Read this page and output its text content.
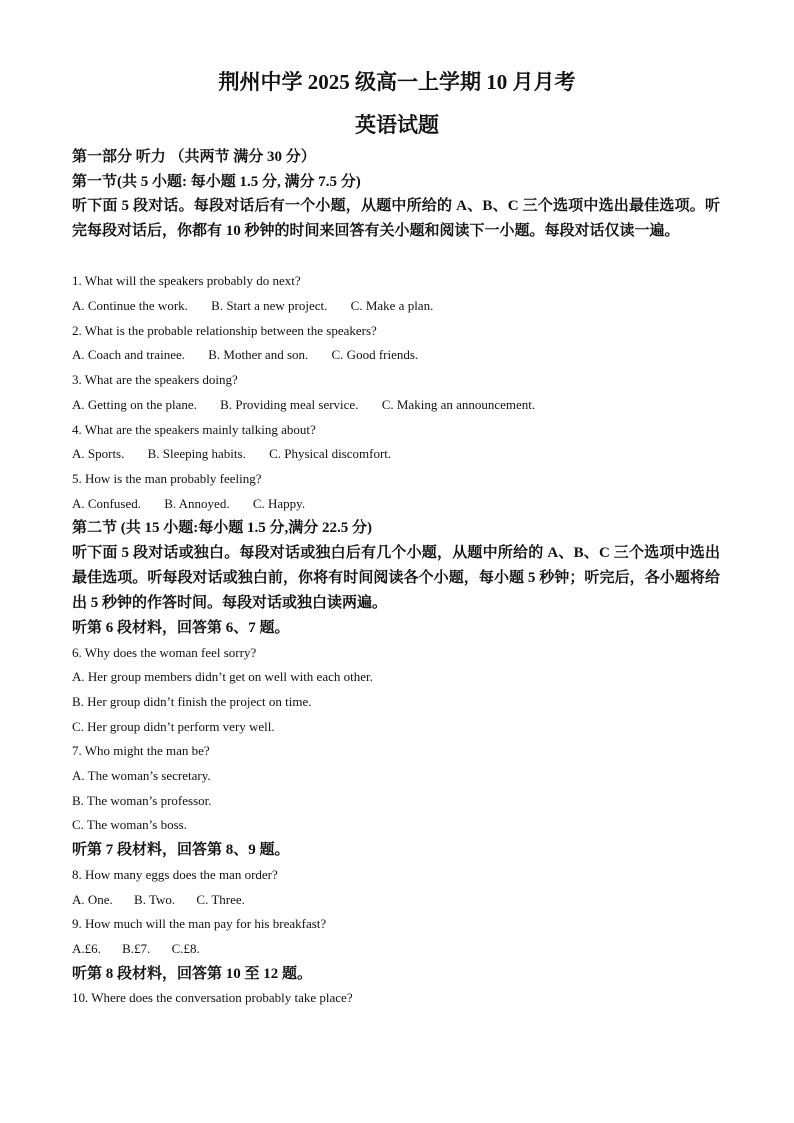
荆州中学 2025 级高一上学期 10 月月考
英语试题
第一部分 听力 （共两节 满分 30 分）
第一节(共 5 小题: 每小题 1.5 分, 满分 7.5 分)
听下面 5 段对话。每段对话后有一个小题，从题中所给的 A、B、C 三个选项中选出最佳选项。听完每段对话后，你都有 10 秒钟的时间来回答有关小题和阅读下一小题。每段对话仅读一遍。
1. What will the speakers probably do next?
A. Continue the work. B. Start a new project. C. Make a plan.
2. What is the probable relationship between the speakers?
A. Coach and trainee. B. Mother and son. C. Good friends.
3. What are the speakers doing?
A. Getting on the plane. B. Providing meal service. C. Making an announcement.
4. What are the speakers mainly talking about?
A. Sports. B. Sleeping habits. C. Physical discomfort.
5. How is the man probably feeling?
A. Confused. B. Annoyed. C. Happy.
第二节 (共 15 小题:每小题 1.5 分,满分 22.5 分)
听下面 5 段对话或独白。每段对话或独白后有几个小题，从题中所给的 A、B、C 三个选项中选出最佳选项。听每段对话或独白前，你将有时间阅读各个小题，每小题 5 秒钟；听完后，各小题将给出 5 秒钟的作答时间。每段对话或独白读两遍。
听第 6 段材料，回答第 6、7 题。
6. Why does the woman feel sorry?
A. Her group members didn’t get on well with each other.
B. Her group didn’t finish the project on time.
C. Her group didn’t perform very well.
7. Who might the man be?
A. The woman’s secretary.
B. The woman’s professor.
C. The woman’s boss.
听第 7 段材料，回答第 8、9 题。
8. How many eggs does the man order?
A. One. B. Two. C. Three.
9. How much will the man pay for his breakfast?
A.£6. B.£7. C.£8.
听第 8 段材料，回答第 10 至 12 题。
10. Where does the conversation probably take place?
